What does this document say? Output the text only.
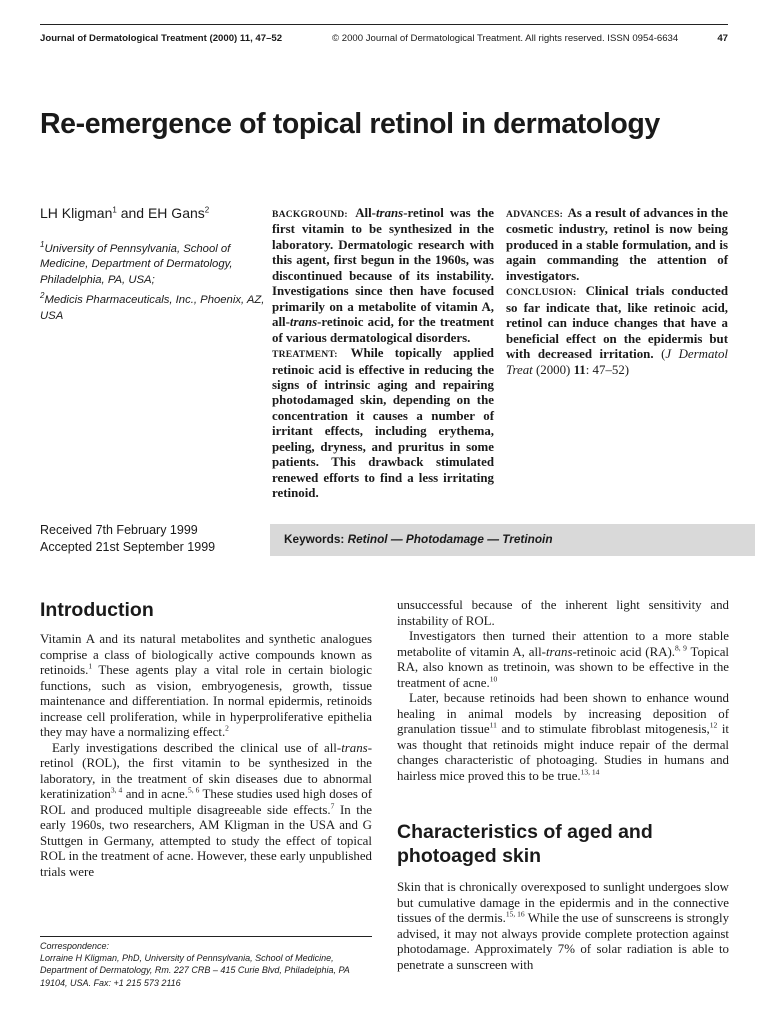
Journal of Dermatological Treatment (2000) 11, 47–52	© 2000 Journal of Dermatological Treatment. All rights reserved. ISSN 0954-6634	47
Re-emergence of topical retinol in dermatology
LH Kligman$^1$ and EH Gans$^2$
$^1$University of Pennsylvania, School of Medicine, Department of Dermatology, Philadelphia, PA, USA;
$^2$Medicis Pharmaceuticals, Inc., Phoenix, AZ, USA
BACKGROUND: All-trans-retinol was the first vitamin to be synthesized in the laboratory. Dermatologic research with this agent, first begun in the 1960s, was discontinued because of its instability. Investigations since then have focused primarily on a metabolite of vitamin A, all-trans-retinoic acid, for the treatment of various dermatological disorders.
TREATMENT: While topically applied retinoic acid is effective in reducing the signs of intrinsic aging and repairing photodamaged skin, depending on the concentration it causes a number of irritant effects, including erythema, peeling, dryness, and pruritus in some patients. This drawback stimulated renewed efforts to find a less irritating retinoid.
ADVANCES: As a result of advances in the cosmetic industry, retinol is now being produced in a stable formulation, and is again commanding the attention of investigators.
CONCLUSION: Clinical trials conducted so far indicate that, like retinoic acid, retinol can induce changes that have a beneficial effect on the epidermis but with decreased irritation. (J Dermatol Treat (2000) 11: 47–52)
Received 7th February 1999
Accepted 21st September 1999
Keywords: Retinol — Photodamage — Tretinoin
Introduction

Vitamin A and its natural metabolites and synthetic analogues comprise a class of biologically active compounds known as retinoids.$^1$ These agents play a vital role in certain biologic functions, such as vision, embryogenesis, growth, tissue maintenance and differentiation. In normal epidermis, retinoids increase cell proliferation, while in hyperproliferative epithelia they may have a normalizing effect.$^2$

Early investigations described the clinical use of all-trans-retinol (ROL), the first vitamin to be synthesized in the laboratory, in the treatment of skin diseases due to abnormal keratinization$^{3, 4}$ and in acne.$^{5, 6}$ These studies used high doses of ROL and produced multiple disagreeable side effects.$^7$ In the early 1960s, two researchers, AM Kligman in the USA and G Stuttgen in Germany, attempted to study the effect of topical ROL in the treatment of acne. However, these early unpublished trials were

unsuccessful because of the inherent light sensitivity and instability of ROL.

Investigators then turned their attention to a more stable metabolite of vitamin A, all-trans-retinoic acid (RA).$^{8, 9}$ Topical RA, also known as tretinoin, was shown to be effective in the treatment of acne.$^{10}$

Later, because retinoids had been shown to enhance wound healing in animal models by increasing deposition of granulation tissue$^{11}$ and to stimulate fibroblast mitogenesis,$^{12}$ it was thought that retinoids might induce repair of the dermal changes characteristic of photoaging. Studies in humans and hairless mice proved this to be true.$^{13, 14}$

Characteristics of aged and photoaged skin

Skin that is chronically overexposed to sunlight undergoes slow but cumulative damage in the epidermis and in the connective tissues of the dermis.$^{15, 16}$ While the use of sunscreens is strongly advised, it may not always provide complete protection against photodamage. Approximately 7% of solar radiation is able to penetrate a sunscreen with

Correspondence:
Lorraine H Kligman, PhD, University of Pennsylvania, School of Medicine, Department of Dermatology, Rm. 227 CRB – 415 Curie Blvd, Philadelphia, PA 19104, USA. Fax: +1 215 573 2116
